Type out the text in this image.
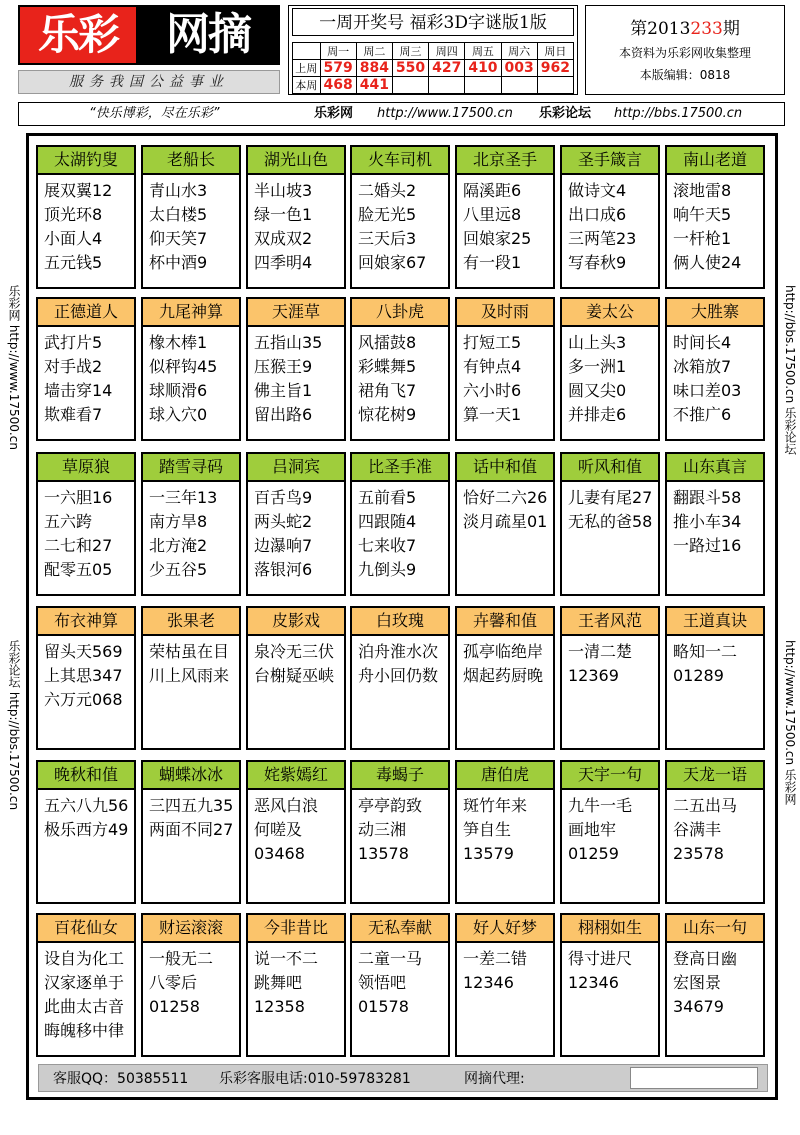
乐彩	网摘
服务我国公益事业
一周开奖号 福彩3D字谜版1版
	周一	周二	周三	周四	周五	周六	周日
上周	579	884	550	427	410	003	962
本周	468	441					
第2013233期
本资料为乐彩网收集整理
本版编辑：0818
“快乐博彩，尽在乐彩”	乐彩网 http://www.17500.cn 乐彩论坛 http://bbs.17500.cn
乐彩网 http://www.17500.cn
乐彩论坛 http://bbs.17500.cn
http://bbs.17500.cn 乐彩论坛
http://www.17500.cn 乐彩网
太湖钓叟
展双翼12
顶光环8
小面人4
五元钱5
老船长
青山水3
太白楼5
仰天笑7
杯中酒9
湖光山色
半山坡3
绿一色1
双成双2
四季明4
火车司机
二婚头2
脸无光5
三天后3
回娘家67
北京圣手
隔溪距6
八里远8
回娘家25
有一段1
圣手箴言
做诗文4
出口成6
三两笔23
写春秋9
南山老道
滚地雷8
响午天5
一杆枪1
俩人使24
正德道人
武打片5
对手战2
墙击穿14
欺难看7
九尾神算
橡木棒1
似秤钩45
球顺滑6
球入穴0
天涯草
五指山35
压猴王9
佛主旨1
留出路6
八卦虎
风擂鼓8
彩蝶舞5
裙角飞7
惊花树9
及时雨
打短工5
有钟点4
六小时6
算一天1
姜太公
山上头3
多一洲1
圆又尖0
并排走6
大胜寨
时间长4
冰箱放7
味口差03
不推广6
草原狼
一六胆16
五六跨
二七和27
配零五05
踏雪寻码
一三年13
南方旱8
北方淹2
少五谷5
吕洞宾
百舌鸟9
两头蛇2
边瀑响7
落银河6
比圣手准
五前看5
四跟随4
七来收7
九倒头9
话中和值
恰好二六26
淡月疏星01
听风和值
儿妻有尾27
无私的爸58
山东真言
翻跟斗58
推小车34
一路过16
布衣神算
留头天569
上其思347
六万元068
张果老
荣枯虽在目
川上风雨来
皮影戏
泉冷无三伏
台榭疑巫峡
白玫瑰
泊舟淮水次
舟小回仍数
卉馨和值
孤亭临绝岸
烟起药厨晚
王者风范
一清二楚
12369
王道真诀
略知一二
01289
晚秋和值
五六八九56
极乐西方49
蝴蝶冰冰
三四五九35
两面不同27
姹紫嫣红
恶风白浪
何嗟及
03468
毒蝎子
亭亭韵致
动三湘
13578
唐伯虎
斑竹年来
笋自生
13579
天宇一句
九牛一毛
画地牢
01259
天龙一语
二五出马
谷满丰
23578
百花仙女
设自为化工
汉家逐单于
此曲太古音
晦魄移中律
财运滚滚
一般无二
八零后
01258
今非昔比
说一不二
跳舞吧
12358
无私奉献
二童一马
领悟吧
01578
好人好梦
一差二错
12346
栩栩如生
得寸进尺
12346
山东一句
登高日幽
宏图景
34679
客服QQ：50385511 乐彩客服电话:010-59783281	网摘代理:
